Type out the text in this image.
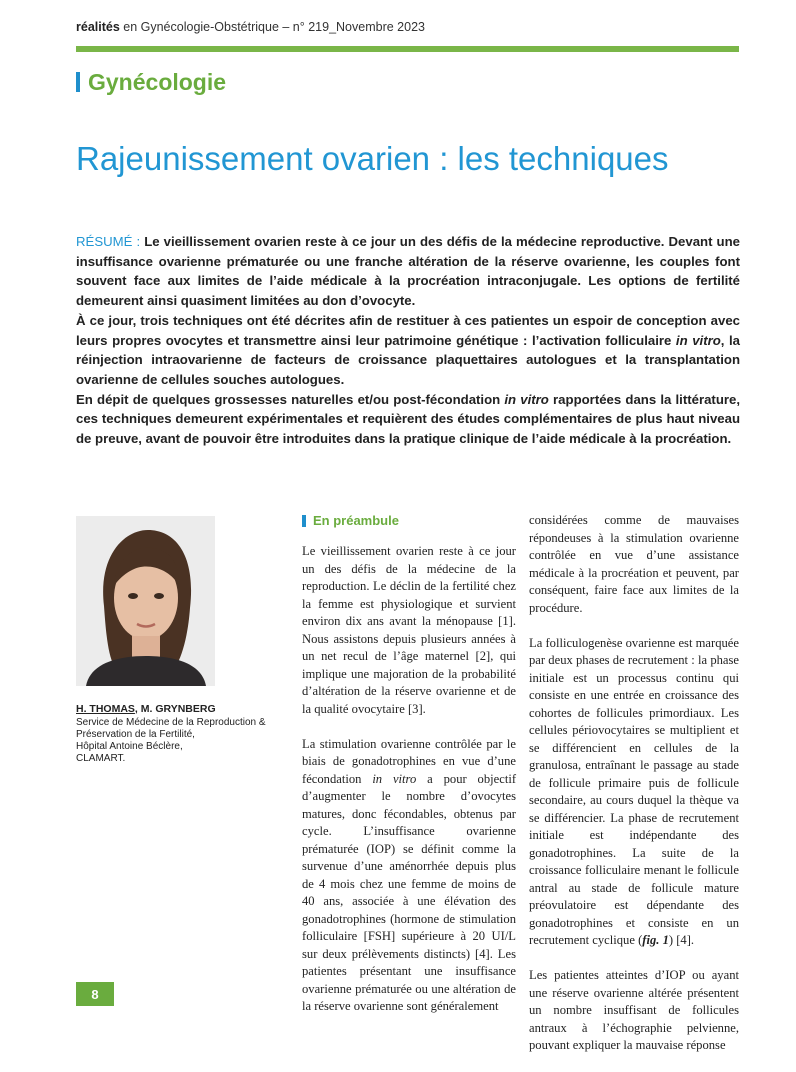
réalités en Gynécologie-Obstétrique – n° 219_Novembre 2023
Gynécologie
Rajeunissement ovarien : les techniques

RÉSUMÉ : Le vieillissement ovarien reste à ce jour un des défis de la médecine reproductive. Devant une insuffisance ovarienne prématurée ou une franche altération de la réserve ovarienne, les couples font souvent face aux limites de l’aide médicale à la procréation intraconjugale. Les options de fertilité demeurent ainsi quasiment limitées au don d’ovocyte.

À ce jour, trois techniques ont été décrites afin de restituer à ces patientes un espoir de conception avec leurs propres ovocytes et transmettre ainsi leur patrimoine génétique : l’activation folliculaire in vitro, la réinjection intraovarienne de facteurs de croissance plaquettaires autologues et la transplantation ovarienne de cellules souches autologues.

En dépit de quelques grossesses naturelles et/ou post-fécondation in vitro rapportées dans la littérature, ces techniques demeurent expérimentales et requièrent des études complémentaires de plus haut niveau de preuve, avant de pouvoir être introduites dans la pratique clinique de l’aide médicale à la procréation.

H. THOMAS, M. GRYNBERG
Service de Médecine de la Reproduction &
Préservation de la Fertilité,
Hôpital Antoine Béclère,
CLAMART.
En préambule

Le vieillissement ovarien reste à ce jour un des défis de la médecine de la reproduction. Le déclin de la fertilité chez la femme est physiologique et survient environ dix ans avant la ménopause [1]. Nous assistons depuis plusieurs années à un net recul de l’âge maternel [2], qui implique une majoration de la probabilité d’altération de la réserve ovarienne et de la qualité ovocytaire [3].

La stimulation ovarienne contrôlée par le biais de gonadotrophines en vue d’une fécondation in vitro a pour objectif d’augmenter le nombre d’ovocytes matures, donc fécondables, obtenus par cycle. L’insuffisance ovarienne prématurée (IOP) se définit comme la survenue d’une aménorrhée depuis plus de 4 mois chez une femme de moins de 40 ans, associée à une élévation des gonadotrophines (hormone de stimulation folliculaire [FSH] supérieure à 20 UI/L sur deux prélèvements distincts) [4]. Les patientes présentant une insuffisance ovarienne prématurée ou une altération de la réserve ovarienne sont généralement

considérées comme de mauvaises répondeuses à la stimulation ovarienne contrôlée en vue d’une assistance médicale à la procréation et peuvent, par conséquent, faire face aux limites de la procédure.

La folliculogenèse ovarienne est marquée par deux phases de recrutement : la phase initiale est un processus continu qui consiste en une entrée en croissance des cohortes de follicules primordiaux. Les cellules périovocytaires se multiplient et se différencient en cellules de la granulosa, entraînant le passage au stade de follicule primaire puis de follicule secondaire, au cours duquel la thèque va se différencier. La phase de recrutement initiale est indépendante des gonadotrophines. La suite de la croissance folliculaire menant le follicule antral au stade de follicule mature préovulatoire est dépendante des gonadotrophines et consiste en un recrutement cyclique (fig. 1) [4].

Les patientes atteintes d’IOP ou ayant une réserve ovarienne altérée présentent un nombre insuffisant de follicules antraux à l’échographie pelvienne, pouvant expliquer la mauvaise réponse

8
